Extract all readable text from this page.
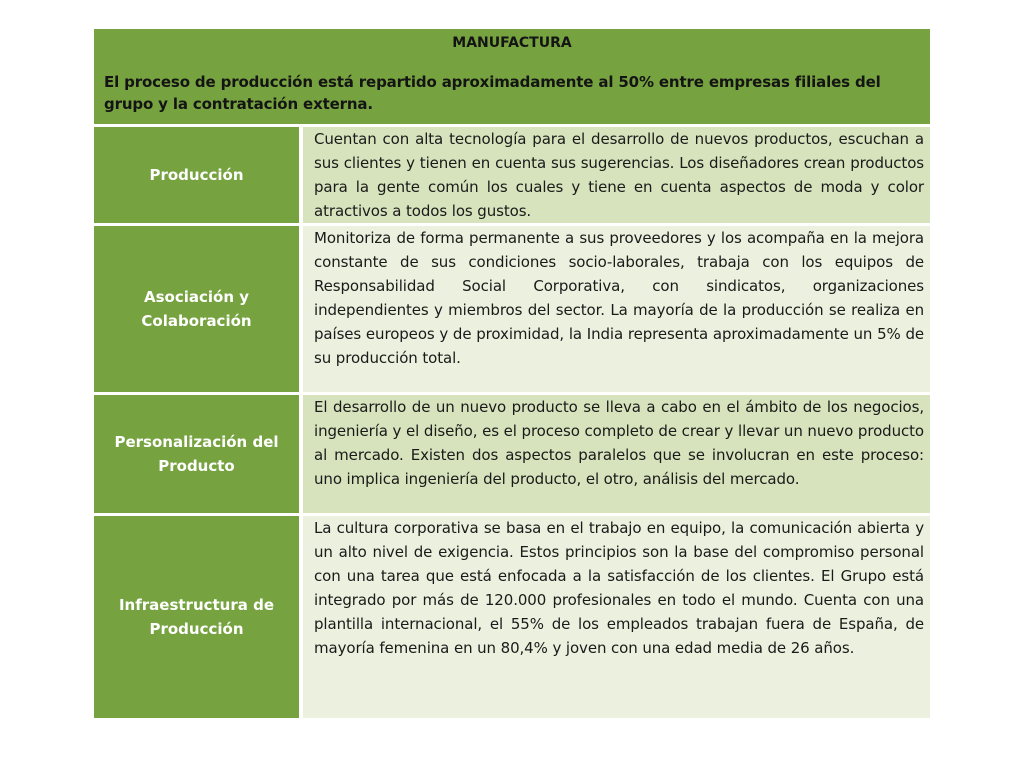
MANUFACTURA
El proceso de producción está repartido aproximadamente al 50% entre empresas filiales del grupo y la contratación externa.
Producción
Cuentan con alta tecnología para el desarrollo de nuevos productos, escuchan a sus clientes y tienen en cuenta sus sugerencias. Los diseñadores crean productos para la gente común los cuales y tiene en cuenta aspectos de moda y color atractivos a todos los gustos.
Asociación y Colaboración
Monitoriza de forma permanente a sus proveedores y los acompaña en la mejora constante de sus condiciones socio-laborales, trabaja con los equipos de Responsabilidad Social Corporativa, con sindicatos, organizaciones independientes y miembros del sector. La mayoría de la producción se realiza en países europeos y de proximidad, la India representa aproximadamente un 5% de su producción total.
Personalización del Producto
El desarrollo de un nuevo producto se lleva a cabo en el ámbito de los negocios, ingeniería y el diseño, es el proceso completo de crear y llevar un nuevo producto al mercado. Existen dos aspectos paralelos que se involucran en este proceso: uno implica ingeniería del producto, el otro, análisis del mercado.
Infraestructura de Producción
La cultura corporativa se basa en el trabajo en equipo, la comunicación abierta y un alto nivel de exigencia. Estos principios son la base del compromiso personal con una tarea que está enfocada a la satisfacción de los clientes. El Grupo está integrado por más de 120.000 profesionales en todo el mundo. Cuenta con una plantilla internacional, el 55% de los empleados trabajan fuera de España, de mayoría femenina en un 80,4% y joven con una edad media de 26 años.
